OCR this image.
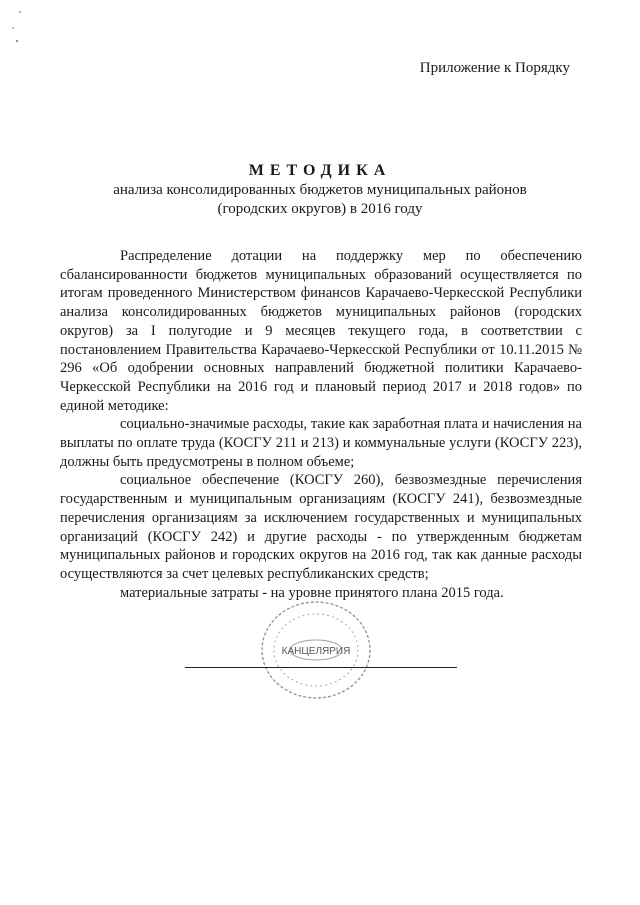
Приложение к Порядку
МЕТОДИКА
анализа консолидированных бюджетов муниципальных районов
(городских округов) в 2016 году

Распределение дотации на поддержку мер по обеспечению сбалансированности бюджетов муниципальных образований осуществляется по итогам проведенного Министерством финансов Карачаево-Черкесской Республики анализа консолидированных бюджетов муниципальных районов (городских округов) за I полугодие и 9 месяцев текущего года, в соответствии с постановлением Правительства Карачаево-Черкесской Республики от 10.11.2015 № 296 «Об одобрении основных направлений бюджетной политики Карачаево-Черкесской Республики на 2016 год и плановый период 2017 и 2018 годов» по единой методике:

социально-значимые расходы, такие как заработная плата и начисления на выплаты по оплате труда (КОСГУ 211 и 213) и коммунальные услуги (КОСГУ 223), должны быть предусмотрены в полном объеме;

социальное обеспечение (КОСГУ 260), безвозмездные перечисления государственным и муниципальным организациям (КОСГУ 241), безвозмездные перечисления организациям за исключением государственных и муниципальных организаций (КОСГУ 242) и другие расходы - по утвержденным бюджетам муниципальных районов и городских округов на 2016 год, так как данные расходы осуществляются за счет целевых республиканских средств;

материальные затраты - на уровне принятого плана 2015 года.

КАНЦЕЛЯРИЯ
